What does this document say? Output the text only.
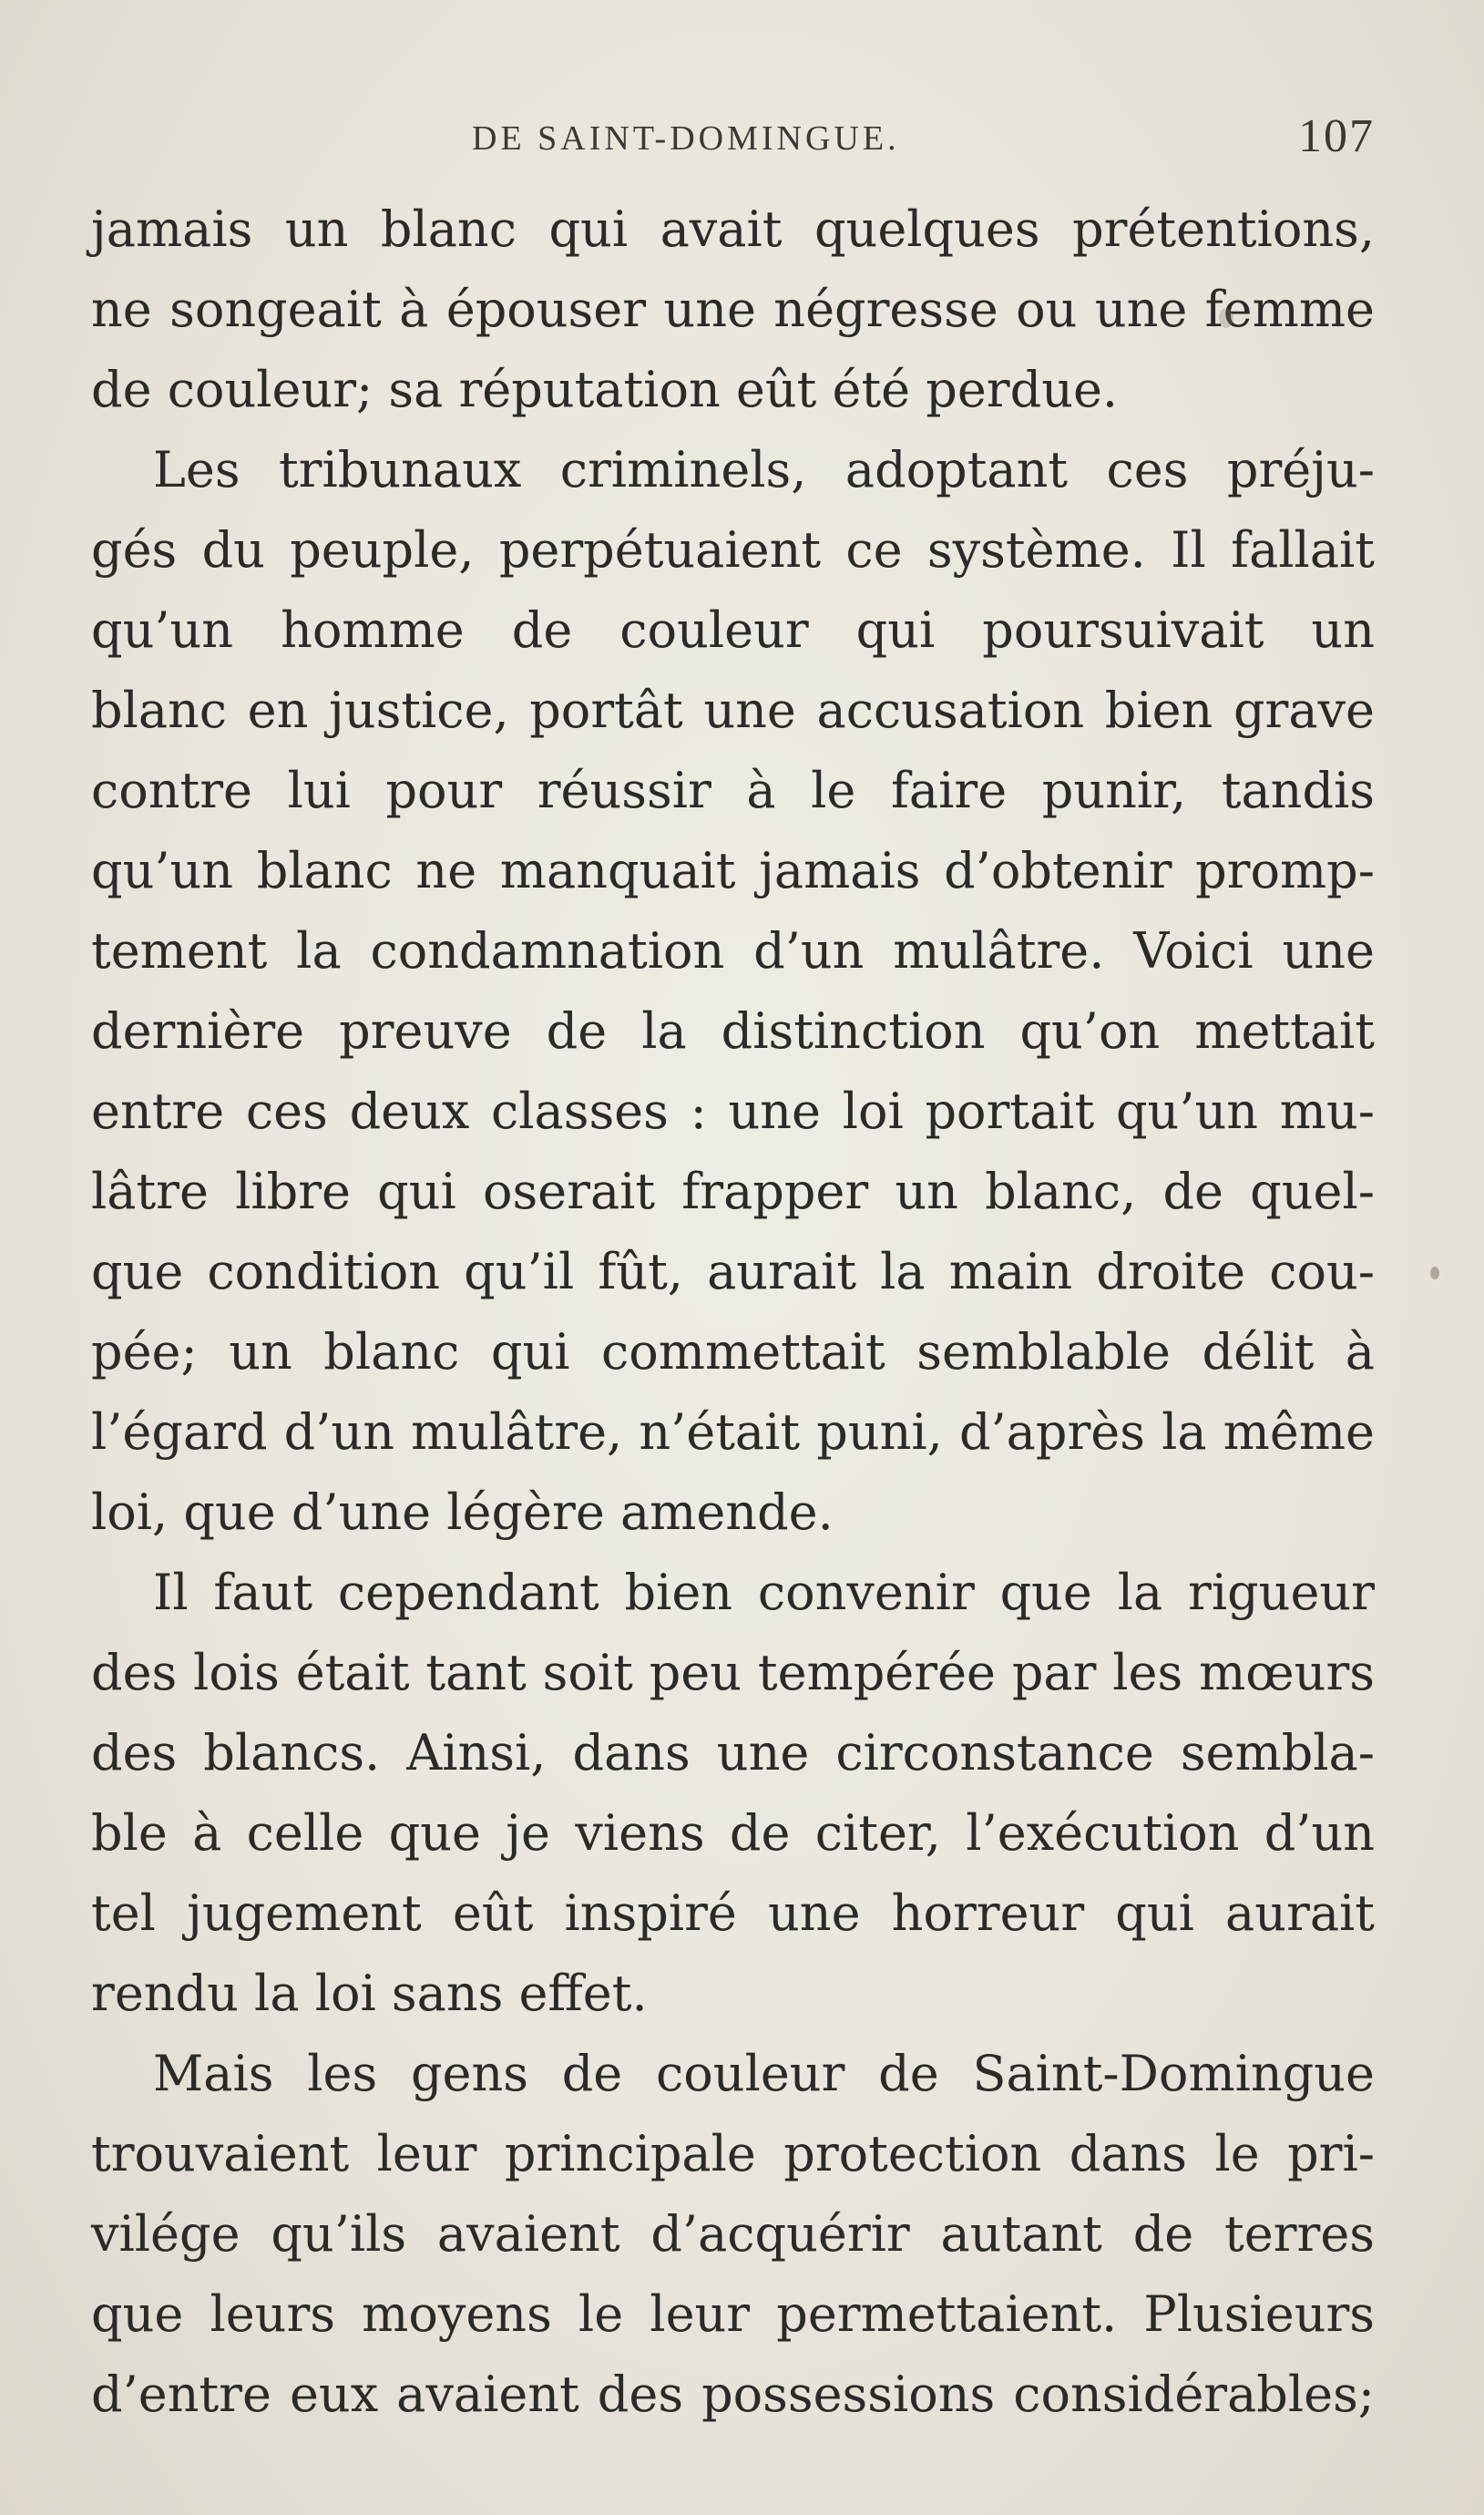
DE SAINT-DOMINGUE.	107

jamais un blanc qui avait quelques prétentions,
ne songeait à épouser une négresse ou une femme
de couleur; sa réputation eût été perdue.

Les tribunaux criminels, adoptant ces préju-
gés du peuple, perpétuaient ce système. Il fallait
qu’un homme de couleur qui poursuivait un
blanc en justice, portât une accusation bien grave
contre lui pour réussir à le faire punir, tandis
qu’un blanc ne manquait jamais d’obtenir promp-
tement la condamnation d’un mulâtre. Voici une
dernière preuve de la distinction qu’on mettait
entre ces deux classes : une loi portait qu’un mu-
lâtre libre qui oserait frapper un blanc, de quel-
que condition qu’il fût, aurait la main droite cou-
pée; un blanc qui commettait semblable délit à
l’égard d’un mulâtre, n’était puni, d’après la même
loi, que d’une légère amende.

Il faut cependant bien convenir que la rigueur
des lois était tant soit peu tempérée par les mœurs
des blancs. Ainsi, dans une circonstance sembla-
ble à celle que je viens de citer, l’exécution d’un
tel jugement eût inspiré une horreur qui aurait
rendu la loi sans effet.

Mais les gens de couleur de Saint-Domingue
trouvaient leur principale protection dans le pri-
vilége qu’ils avaient d’acquérir autant de terres
que leurs moyens le leur permettaient. Plusieurs
d’entre eux avaient des possessions considérables;
